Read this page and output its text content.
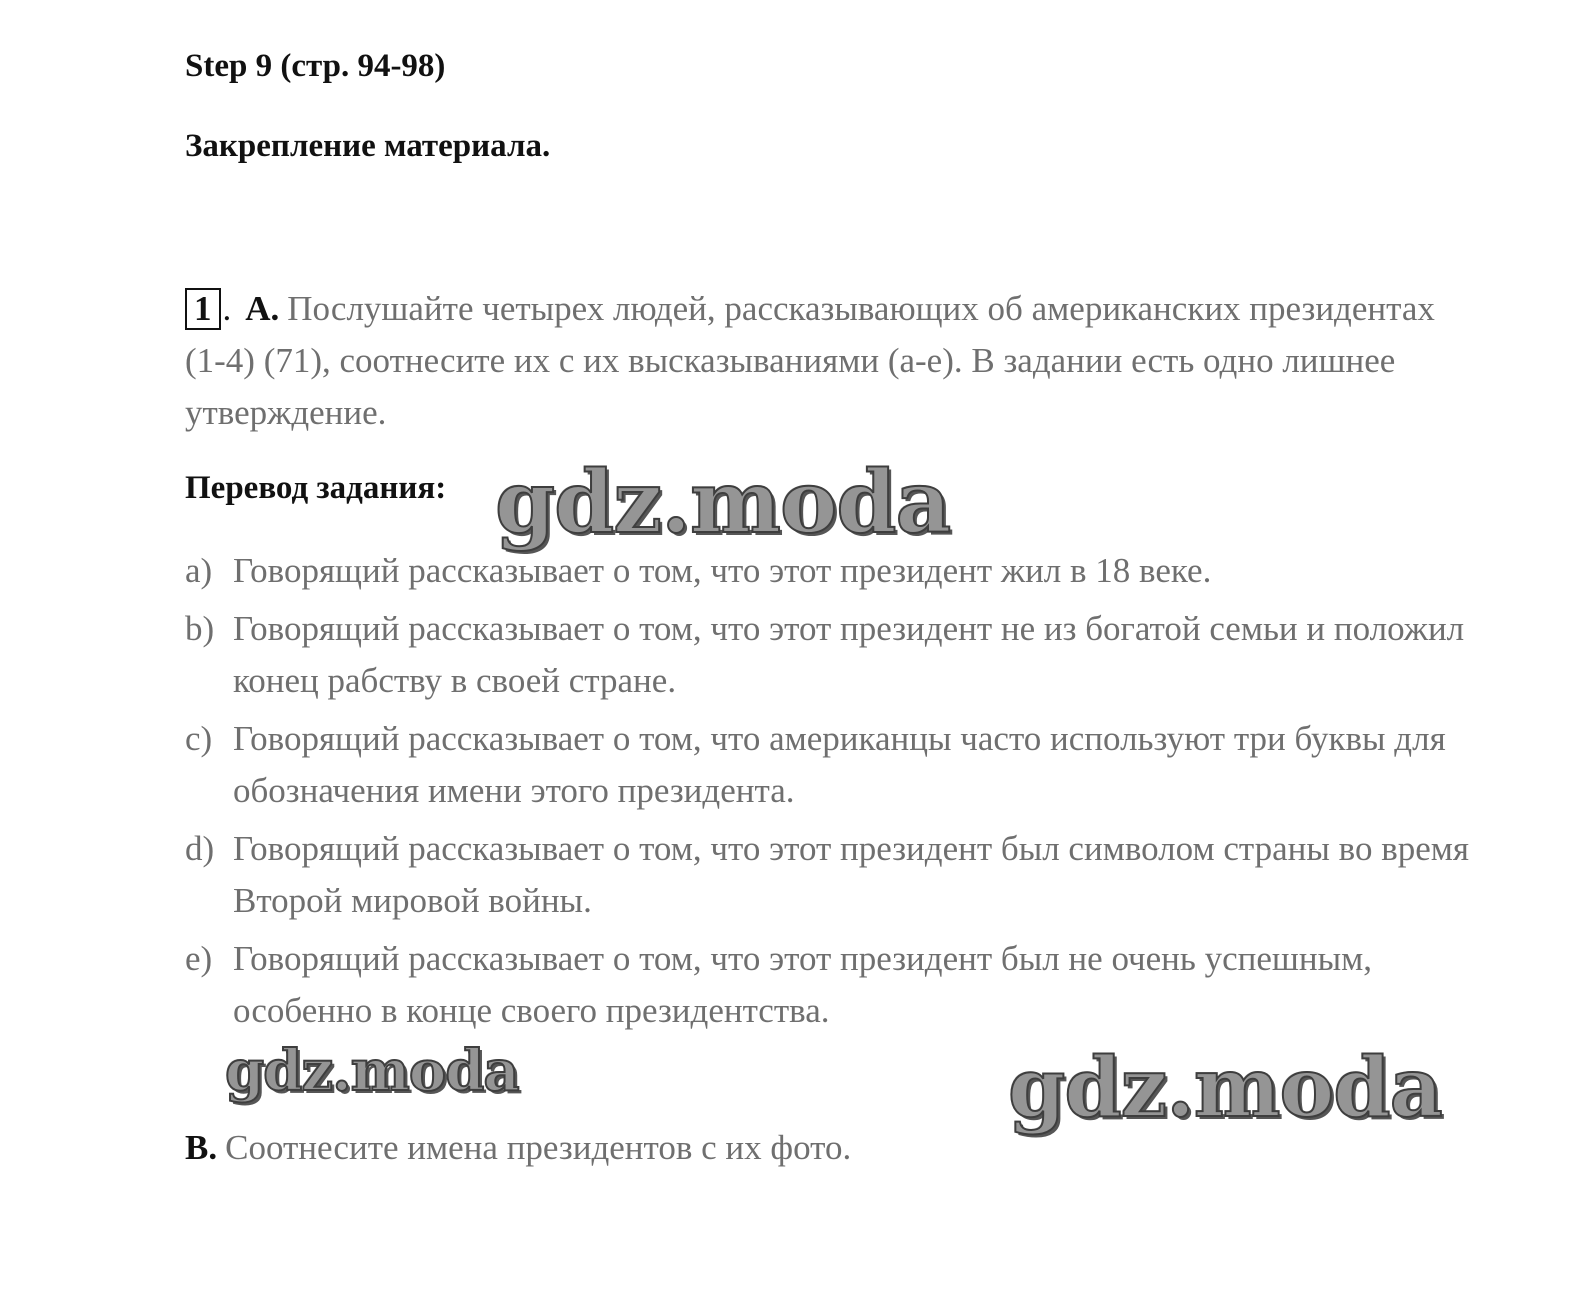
Step 9 (стр. 94-98)
Закрепление материала.
1 . A. Послушайте четырех людей, рассказывающих об американских президентах (1-4) (71), соотнесите их с их высказываниями (a-e). В задании есть одно лишнее утверждение.
Перевод задания:
a) Говорящий рассказывает о том, что этот президент жил в 18 веке.
b) Говорящий рассказывает о том, что этот президент не из богатой семьи и положил конец рабству в своей стране.
c) Говорящий рассказывает о том, что американцы часто используют три буквы для обозначения имени этого президента.
d) Говорящий рассказывает о том, что этот президент был символом страны во время Второй мировой войны.
e) Говорящий рассказывает о том, что этот президент был не очень успешным, особенно в конце своего президентства.
B. Соотнесите имена президентов с их фото.
gdz.moda
gdz.moda	gdz.moda
